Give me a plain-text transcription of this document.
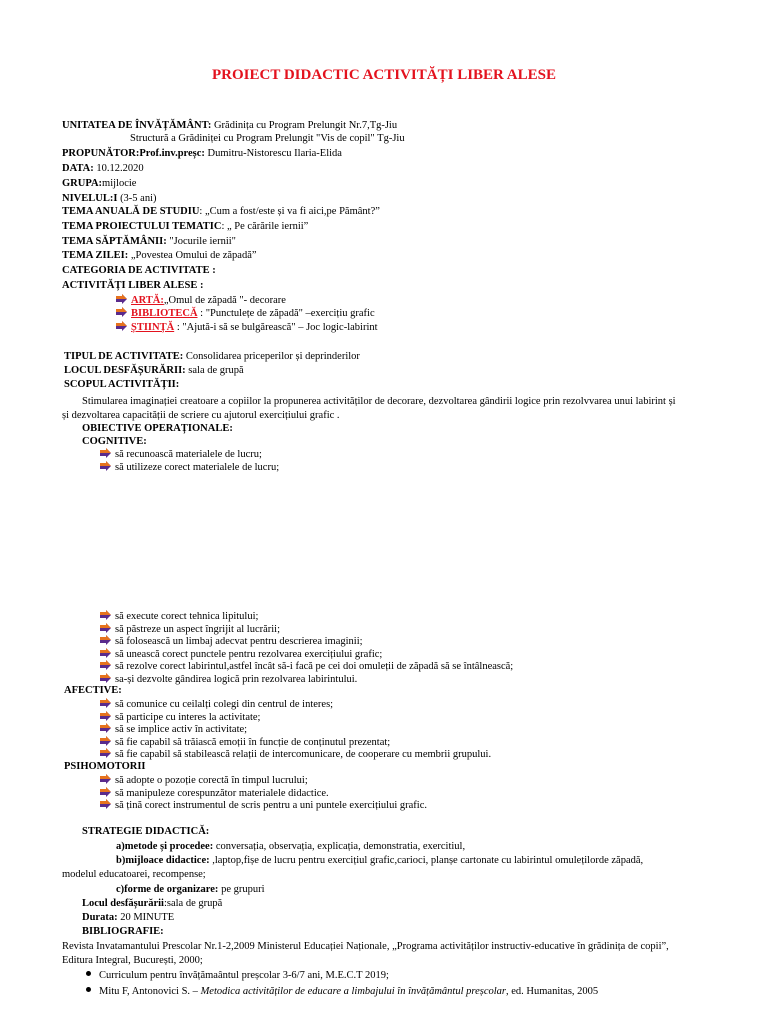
PROIECT DIDACTIC ACTIVITĂȚI LIBER ALESE
UNITATEA DE ÎNVĂȚĂMÂNT: Grădinița cu Program Prelungit Nr.7,Tg-Jiu
Structură a Grădiniței cu Program Prelungit "Vis de copil" Tg-Jiu
PROPUNĂTOR:Prof.inv.preșc: Dumitru-Nistorescu Ilaria-Elida
DATA: 10.12.2020
GRUPA:mijlocie
NIVELUL:I (3-5 ani)
TEMA ANUALĂ DE STUDIU: „Cum a fost/este și va fi aici,pe Pământ?”
TEMA PROIECTULUI TEMATIC: „ Pe cărările iernii”
TEMA SĂPTĂMÂNII: "Jocurile iernii"
TEMA ZILEI: „Povestea Omului de zăpadă”
CATEGORIA DE ACTIVITATE :
ACTIVITĂȚI LIBER ALESE :
ARTĂ:„Omul de zăpadă "- decorare
BIBLIOTECĂ : "Punctulețe de zăpadă" –exercițiu grafic
ȘTIINȚĂ : "Ajută-i să se bulgărească" – Joc logic-labirint
TIPUL DE ACTIVITATE: Consolidarea priceperilor și deprinderilor
LOCUL DESFĂȘURĂRII: sala de grupă
SCOPUL ACTIVITĂȚII:
Stimularea imaginației creatoare a copiilor la propunerea activităților de decorare, dezvoltarea gândirii logice prin rezolvvarea unui labirint și
și dezvoltarea capacității de scriere cu ajutorul exercițiului grafic .
OBIECTIVE OPERAȚIONALE:
COGNITIVE:
să recunoască materialele de lucru;
să utilizeze corect materialele de lucru;
să execute corect tehnica lipitului;
să păstreze un aspect îngrijit al lucrării;
să folosească un limbaj adecvat pentru descrierea imaginii;
să unească corect punctele pentru rezolvarea exercițiului grafic;
să rezolve corect labirintul,astfel încât să-i facă pe cei doi omuleții de zăpadă să se întâlnească;
sa-și dezvolte gândirea logică prin rezolvarea labirintului.
AFECTIVE:
să comunice cu ceilalți colegi din centrul de interes;
să participe cu interes la activitate;
să se implice activ în activitate;
să fie capabil să trăiască emoții în funcție de conținutul prezentat;
să fie capabil să stabilească relații de intercomunicare, de cooperare cu membrii grupului.
PSIHOMOTORII
să adopte o pozoție corectă în timpul lucrului;
să manipuleze corespunzător materialele didactice.
să țină corect instrumentul de scris pentru a uni puntele exercițiului grafic.
STRATEGIE DIDACTICĂ:
a)metode și procedee: conversația, observația, explicația, demonstratia, exercitiul,
b)mijloace didactice: ,laptop,fișe de lucru pentru exercițiul grafic,carioci, planșe cartonate cu labirintul omulețilorde zăpadă,
modelul educatoarei, recompense;
c)forme de organizare: pe grupuri
Locul desfășurării:sala de grupă
Durata: 20 MINUTE
BIBLIOGRAFIE:
Revista Invatamantului Prescolar Nr.1-2,2009 Ministerul Educației Naționale, „Programa activităților instructiv-educative în grădinița de copii”,
Editura Integral, București, 2000;
Curriculum pentru învățămaântul preșcolar 3-6/7 ani, M.E.C.T 2019;
Mitu F, Antonovici S. – Metodica activităților de educare a limbajului în învățământul preșcolar, ed. Humanitas, 2005
